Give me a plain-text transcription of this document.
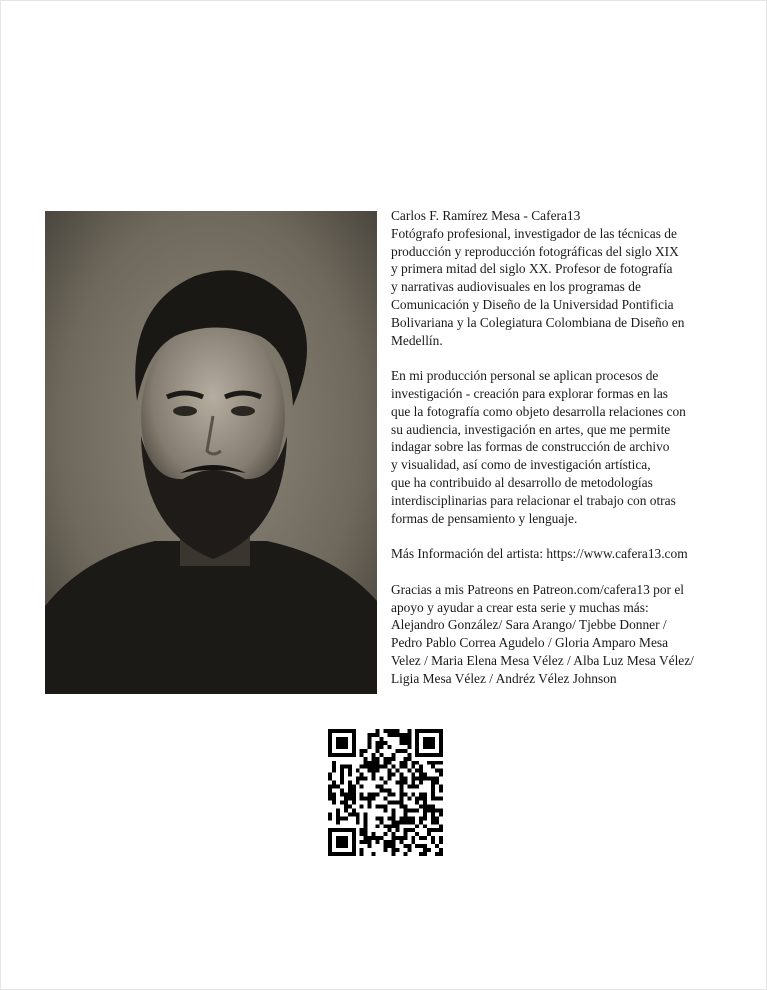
Carlos F. Ramírez Mesa - Cafera13

Fotógrafo profesional, investigador de las técnicas de

producción y reproducción fotográficas del siglo XIX

y primera mitad del siglo XX. Profesor de fotografía

y narrativas audiovisuales en los programas de

Comunicación y Diseño de la Universidad Pontificia

Bolivariana y la Colegiatura Colombiana de Diseño en

Medellín.

En mi producción personal se aplican procesos de

investigación - creación para explorar formas en las

que la fotografía como objeto desarrolla relaciones con

su audiencia, investigación en artes, que me permite

indagar sobre las formas de construcción de archivo

y visualidad, así como de investigación artística,

que ha contribuido al desarrollo de metodologías

interdisciplinarias para relacionar el trabajo con otras

formas de pensamiento y lenguaje.

Más Información del artista: https://www.cafera13.com

Gracias a mis Patreons en Patreon.com/cafera13 por el

apoyo y ayudar a crear esta serie y muchas más:

Alejandro González/ Sara Arango/ Tjebbe Donner /

Pedro Pablo Correa Agudelo / Gloria Amparo Mesa

Velez / Maria Elena Mesa Vélez / Alba Luz Mesa Vélez/

Ligia Mesa Vélez / Andréz Vélez Johnson
